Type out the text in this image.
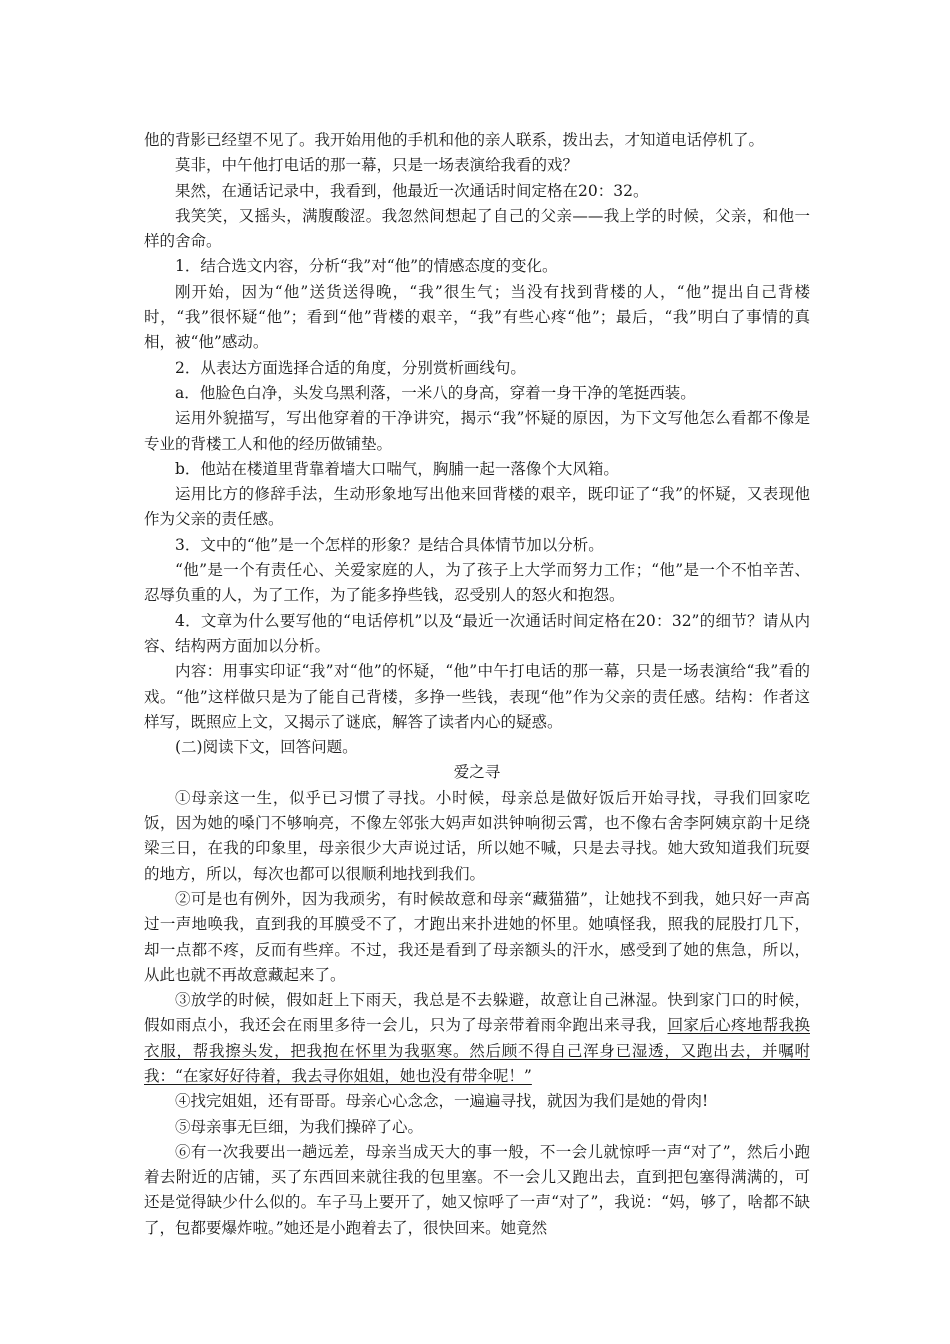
他的背影已经望不见了。我开始用他的手机和他的亲人联系，拨出去，才知道电话停机了。

莫非，中午他打电话的那一幕，只是一场表演给我看的戏？

果然，在通话记录中，我看到，他最近一次通话时间定格在20：32。

我笑笑，又摇头，满腹酸涩。我忽然间想起了自己的父亲——我上学的时候，父亲，和他一样的舍命。

1．结合选文内容，分析“我”对“他”的情感态度的变化。

刚开始，因为“他”送货送得晚，“我”很生气；当没有找到背楼的人，“他”提出自己背楼时，“我”很怀疑“他”；看到“他”背楼的艰辛，“我”有些心疼“他”；最后，“我”明白了事情的真相，被“他”感动。

2．从表达方面选择合适的角度，分别赏析画线句。

a．他脸色白净，头发乌黑利落，一米八的身高，穿着一身干净的笔挺西装。

运用外貌描写，写出他穿着的干净讲究，揭示“我”怀疑的原因，为下文写他怎么看都不像是专业的背楼工人和他的经历做铺垫。

b．他站在楼道里背靠着墙大口喘气，胸脯一起一落像个大风箱。

运用比方的修辞手法，生动形象地写出他来回背楼的艰辛，既印证了“我”的怀疑，又表现他作为父亲的责任感。

3．文中的“他”是一个怎样的形象？是结合具体情节加以分析。

“他”是一个有责任心、关爱家庭的人，为了孩子上大学而努力工作；“他”是一个不怕辛苦、忍辱负重的人，为了工作，为了能多挣些钱，忍受别人的怒火和抱怨。

4．文章为什么要写他的“电话停机”以及“最近一次通话时间定格在20：32”的细节？请从内容、结构两方面加以分析。

内容：用事实印证“我”对“他”的怀疑，“他”中午打电话的那一幕，只是一场表演给“我”看的戏。“他”这样做只是为了能自己背楼，多挣一些钱，表现“他”作为父亲的责任感。结构：作者这样写，既照应上文，又揭示了谜底，解答了读者内心的疑惑。

(二)阅读下文，回答问题。

爱之寻

①母亲这一生，似乎已习惯了寻找。小时候，母亲总是做好饭后开始寻找，寻我们回家吃饭，因为她的嗓门不够响亮，不像左邻张大妈声如洪钟响彻云霄，也不像右舍李阿姨京韵十足绕梁三日，在我的印象里，母亲很少大声说过话，所以她不喊，只是去寻找。她大致知道我们玩耍的地方，所以，每次也都可以很顺利地找到我们。

②可是也有例外，因为我顽劣，有时候故意和母亲“藏猫猫”，让她找不到我，她只好一声高过一声地唤我，直到我的耳膜受不了，才跑出来扑进她的怀里。她嗔怪我，照我的屁股打几下，却一点都不疼，反而有些痒。不过，我还是看到了母亲额头的汗水，感受到了她的焦急，所以，从此也就不再故意藏起来了。

③放学的时候，假如赶上下雨天，我总是不去躲避，故意让自己淋湿。快到家门口的时候，假如雨点小，我还会在雨里多待一会儿，只为了母亲带着雨伞跑出来寻我，回家后心疼地帮我换衣服，帮我擦头发，把我抱在怀里为我驱寒。然后顾不得自己浑身已湿透，又跑出去，并嘱咐我：“在家好好待着，我去寻你姐姐，她也没有带伞呢！”

④找完姐姐，还有哥哥。母亲心心念念，一遍遍寻找，就因为我们是她的骨肉!

⑤母亲事无巨细，为我们操碎了心。

⑥有一次我要出一趟远差，母亲当成天大的事一般，不一会儿就惊呼一声“对了”，然后小跑着去附近的店铺，买了东西回来就往我的包里塞。不一会儿又跑出去，直到把包塞得满满的，可还是觉得缺少什么似的。车子马上要开了，她又惊呼了一声“对了”，我说：“妈，够了，啥都不缺了，包都要爆炸啦。”她还是小跑着去了，很快回来。她竟然
